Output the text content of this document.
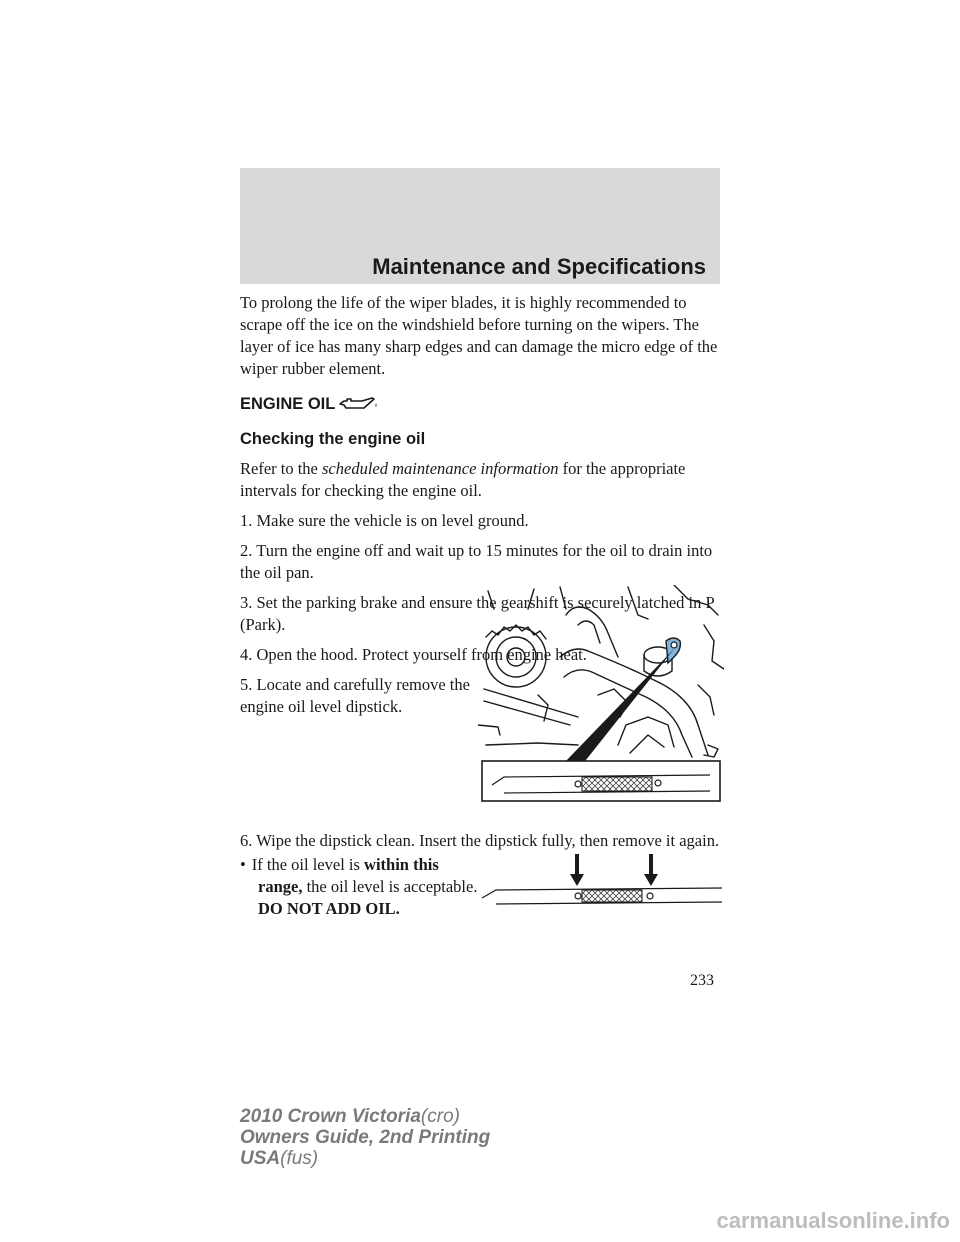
Maintenance and Specifications
To prolong the life of the wiper blades, it is highly recommended to
scrape off the ice on the windshield before turning on the wipers. The
layer of ice has many sharp edges and can damage the micro edge of the
wiper rubber element.
ENGINE OIL
Checking the engine oil
Refer to the scheduled maintenance information for the appropriate
intervals for checking the engine oil.
1. Make sure the vehicle is on level ground.
2. Turn the engine off and wait up to 15 minutes for the oil to drain into
the oil pan.
3. Set the parking brake and ensure the gearshift is securely latched in P
(Park).
4. Open the hood. Protect yourself from engine heat.
5. Locate and carefully remove the
engine oil level dipstick.
6. Wipe the dipstick clean. Insert the dipstick fully, then remove it again.
• If the oil level is within this
range, the oil level is acceptable.
DO NOT ADD OIL.
233
2010 Crown Victoria(cro)
Owners Guide, 2nd Printing
USA(fus)
carmanualsonline.info
